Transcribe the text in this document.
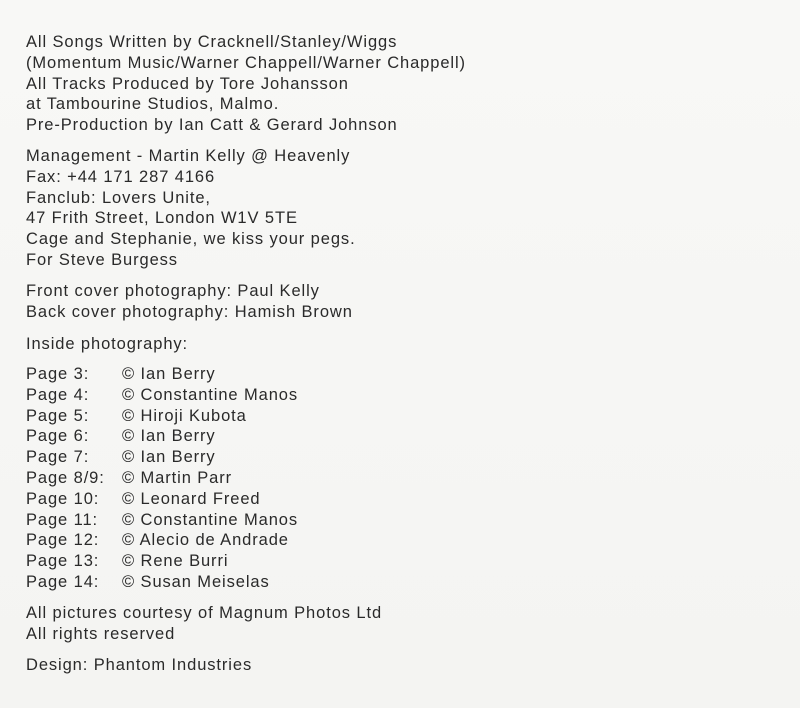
All Songs Written by Cracknell/Stanley/Wiggs
(Momentum Music/Warner Chappell/Warner Chappell)
All Tracks Produced by Tore Johansson
at Tambourine Studios, Malmo.
Pre-Production by Ian Catt & Gerard Johnson
Management - Martin Kelly @ Heavenly
Fax: +44 171 287 4166
Fanclub: Lovers Unite,
47 Frith Street, London W1V 5TE
Cage and Stephanie, we kiss your pegs.
For Steve Burgess
Front cover photography: Paul Kelly
Back cover photography: Hamish Brown
Inside photography:
Page 3: © Ian Berry
Page 4: © Constantine Manos
Page 5: © Hiroji Kubota
Page 6: © Ian Berry
Page 7: © Ian Berry
Page 8/9: © Martin Parr
Page 10: © Leonard Freed
Page 11: © Constantine Manos
Page 12: © Alecio de Andrade
Page 13: © Rene Burri
Page 14: © Susan Meiselas
All pictures courtesy of Magnum Photos Ltd
All rights reserved
Design: Phantom Industries
